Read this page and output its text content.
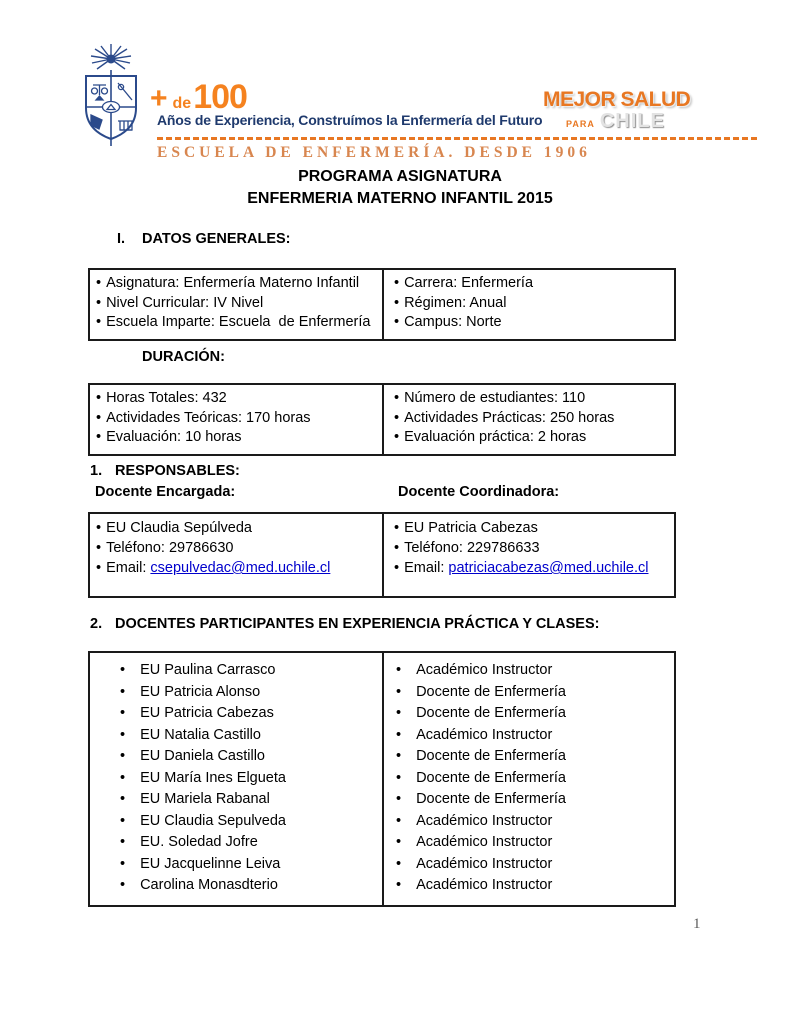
+ de 100
Años de Experiencia, Construímos la Enfermería del Futuro
MEJOR SALUD
PARA CHILE
ESCUELA DE ENFERMERÍA. DESDE 1906
PROGRAMA ASIGNATURA
ENFERMERIA MATERNO INFANTIL 2015
I.	DATOS GENERALES:
• Asignatura: Enfermería Materno Infantil
• Nivel Curricular: IV Nivel
• Escuela Imparte: Escuela  de Enfermería
• Carrera: Enfermería
• Régimen: Anual
• Campus: Norte
DURACIÓN:
• Horas Totales: 432
• Actividades Teóricas: 170 horas
• Evaluación: 10 horas
• Número de estudiantes: 110
• Actividades Prácticas: 250 horas
• Evaluación práctica: 2 horas
1. RESPONSABLES:
Docente Encargada:	Docente Coordinadora:
• EU Claudia Sepúlveda
• Teléfono: 29786630
• Email: csepulvedac@med.uchile.cl
• EU Patricia Cabezas
• Teléfono: 229786633
• Email: patriciacabezas@med.uchile.cl
2. DOCENTES PARTICIPANTES EN EXPERIENCIA PRÁCTICA Y CLASES:
• EU Paulina Carrasco
• EU Patricia Alonso
• EU Patricia Cabezas
• EU Natalia Castillo
• EU Daniela Castillo
• EU María Ines Elgueta
• EU Mariela Rabanal
• EU Claudia Sepulveda
• EU. Soledad Jofre
• EU Jacquelinne Leiva
• Carolina Monasdterio
• Académico Instructor
• Docente de Enfermería
• Docente de Enfermería
• Académico Instructor
• Docente de Enfermería
• Docente de Enfermería
• Docente de Enfermería
• Académico Instructor
• Académico Instructor
• Académico Instructor
• Académico Instructor
1
